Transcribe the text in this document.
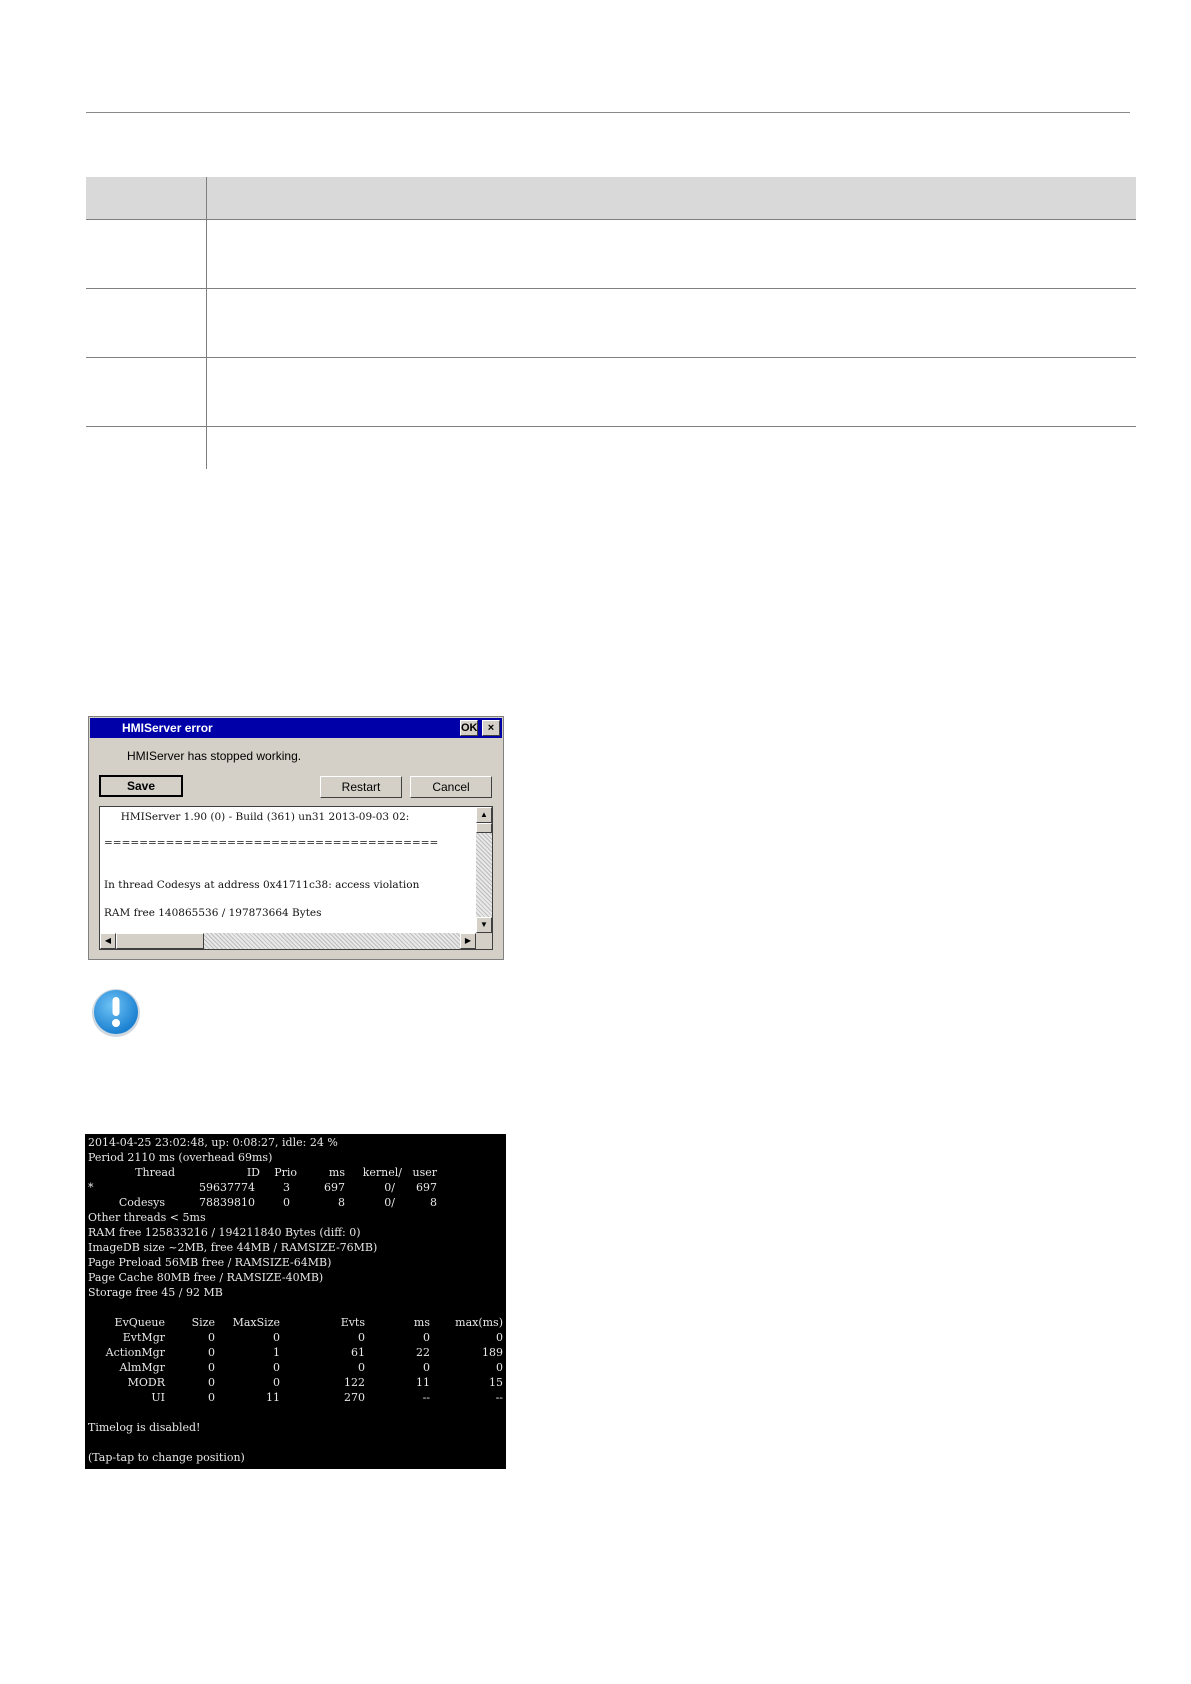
HMIServer error	OK ×
HMIServer has stopped working.
Save	Restart	Cancel
HMIServer 1.90 (0) - Build (361) un31 2013-09-03 02:
======================================
In thread Codesys at address 0x41711c38: access violation
RAM free 140865536 / 197873664 Bytes
▲
▼
◀	▶
2014-04-25 23:02:48, up: 0:08:27, idle: 24 %
Period 2110 ms (overhead 69ms)
Thread	ID	Prio	ms	kernel/ user
*	59637774	3	697	0/	697
Codesys	78839810	0	8	0/	8
Other threads < 5ms
RAM free 125833216 / 194211840 Bytes (diff: 0)
ImageDB size ~2MB, free 44MB / RAMSIZE-76MB)
Page Preload 56MB free / RAMSIZE-64MB)
Page Cache 80MB free / RAMSIZE-40MB)
Storage free 45 / 92 MB
EvQueue	Size	MaxSize	Evts	ms	max(ms)
EvtMgr	0	0	0	0	0
ActionMgr	0	1	61	22	189
AlmMgr	0	0	0	0	0
MODR	0	0	122	11	15
UI	0	11	270	--	--
Timelog is disabled!
(Tap-tap to change position)
